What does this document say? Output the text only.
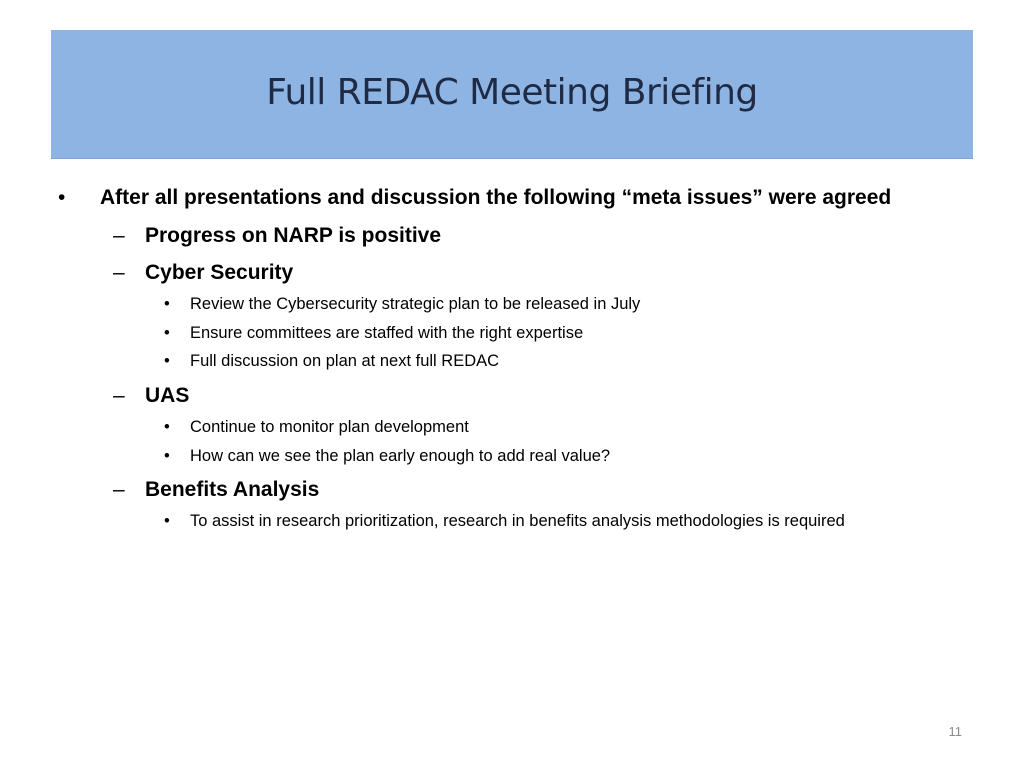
Full REDAC Meeting Briefing
• After all presentations and discussion the following “meta issues” were agreed
– Progress on NARP is positive
– Cyber Security
• Review the Cybersecurity strategic plan to be released in July
• Ensure committees are staffed with the right expertise
• Full discussion on plan at next full REDAC
– UAS
• Continue to monitor plan development
• How can we see the plan early enough to add real value?
– Benefits Analysis
• To assist in research prioritization, research in benefits analysis methodologies is required
11
